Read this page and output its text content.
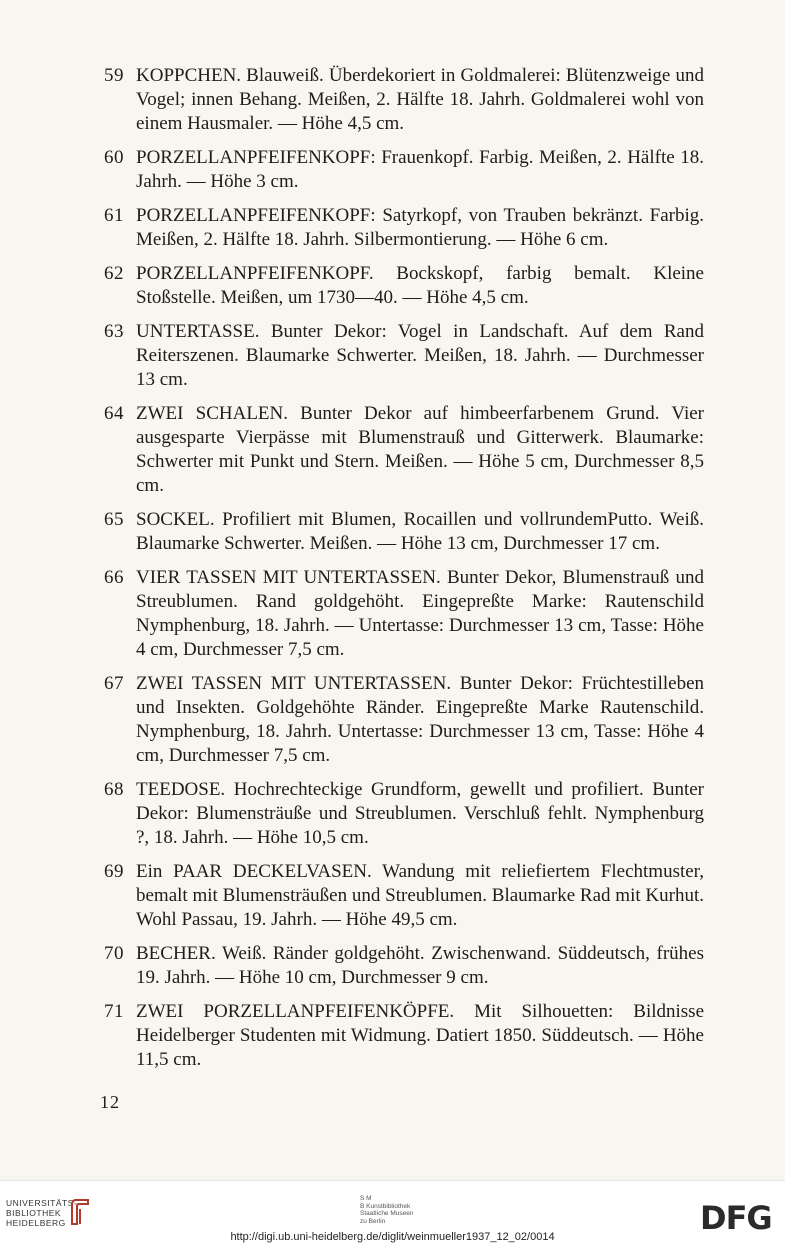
59 KOPPCHEN. Blauweiß. Überdekoriert in Goldmalerei: Blütenzweige und Vogel; innen Behang. Meißen, 2. Hälfte 18. Jahrh. Goldmalerei wohl von einem Hausmaler. — Höhe 4,5 cm.
60 PORZELLANPFEIFENKOPF: Frauenkopf. Farbig. Meißen, 2. Hälfte 18. Jahrh. — Höhe 3 cm.
61 PORZELLANPFEIFENKOPF: Satyrkopf, von Trauben bekränzt. Farbig. Meißen, 2. Hälfte 18. Jahrh. Silbermontierung. — Höhe 6 cm.
62 PORZELLANPFEIFENKOPF. Bockskopf, farbig bemalt. Kleine Stoßstelle. Meißen, um 1730—40. — Höhe 4,5 cm.
63 UNTERTASSE. Bunter Dekor: Vogel in Landschaft. Auf dem Rand Reiterszenen. Blaumarke Schwerter. Meißen, 18. Jahrh. — Durchmesser 13 cm.
64 ZWEI SCHALEN. Bunter Dekor auf himbeerfarbenem Grund. Vier ausgesparte Vierpässe mit Blumenstrauß und Gitterwerk. Blaumarke: Schwerter mit Punkt und Stern. Meißen. — Höhe 5 cm, Durchmesser 8,5 cm.
65 SOCKEL. Profiliert mit Blumen, Rocaillen und vollrundemPutto. Weiß. Blaumarke Schwerter. Meißen. — Höhe 13 cm, Durchmesser 17 cm.
66 VIER TASSEN MIT UNTERTASSEN. Bunter Dekor, Blumenstrauß und Streublumen. Rand goldgehöht. Eingepreßte Marke: Rautenschild Nymphenburg, 18. Jahrh. — Untertasse: Durchmesser 13 cm, Tasse: Höhe 4 cm, Durchmesser 7,5 cm.
67 ZWEI TASSEN MIT UNTERTASSEN. Bunter Dekor: Früchtestilleben und Insekten. Goldgehöhte Ränder. Eingepreßte Marke Rautenschild. Nymphenburg, 18. Jahrh. Untertasse: Durchmesser 13 cm, Tasse: Höhe 4 cm, Durchmesser 7,5 cm.
68 TEEDOSE. Hochrechteckige Grundform, gewellt und profiliert. Bunter Dekor: Blumensträuße und Streublumen. Verschluß fehlt. Nymphenburg ?, 18. Jahrh. — Höhe 10,5 cm.
69 Ein PAAR DECKELVASEN. Wandung mit reliefiertem Flechtmuster, bemalt mit Blumensträußen und Streublumen. Blaumarke Rad mit Kurhut. Wohl Passau, 19. Jahrh. — Höhe 49,5 cm.
70 BECHER. Weiß. Ränder goldgehöht. Zwischenwand. Süddeutsch, frühes 19. Jahrh. — Höhe 10 cm, Durchmesser 9 cm.
71 ZWEI PORZELLANPFEIFENKÖPFE. Mit Silhouetten: Bildnisse Heidelberger Studenten mit Widmung. Datiert 1850. Süddeutsch. — Höhe 11,5 cm.
12
UNIVERSITÄTS-
BIBLIOTHEK
HEIDELBERG
S M
B Kunstbibliothek
Staatliche Museen
zu Berlin	DFG
http://digi.ub.uni-heidelberg.de/diglit/weinmueller1937_12_02/0014
